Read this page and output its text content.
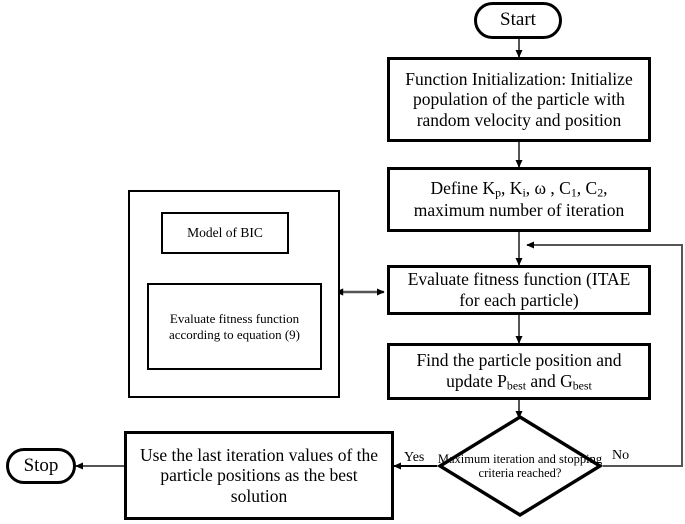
Start
Function Initialization: Initialize population of the particle with random velocity and position
Define $K_p$, $K_i$, ω , $C_1$, $C_2$, maximum number of iteration
Evaluate fitness function (ITAE for each particle)
Find the particle position and update $P_{best}$ and $G_{best}$
Maximum iteration and stopping criteria reached?
Use the last iteration values of the particle positions as the best solution
Stop
Model of BIC
Evaluate fitness function according to equation (9)
Yes	No
